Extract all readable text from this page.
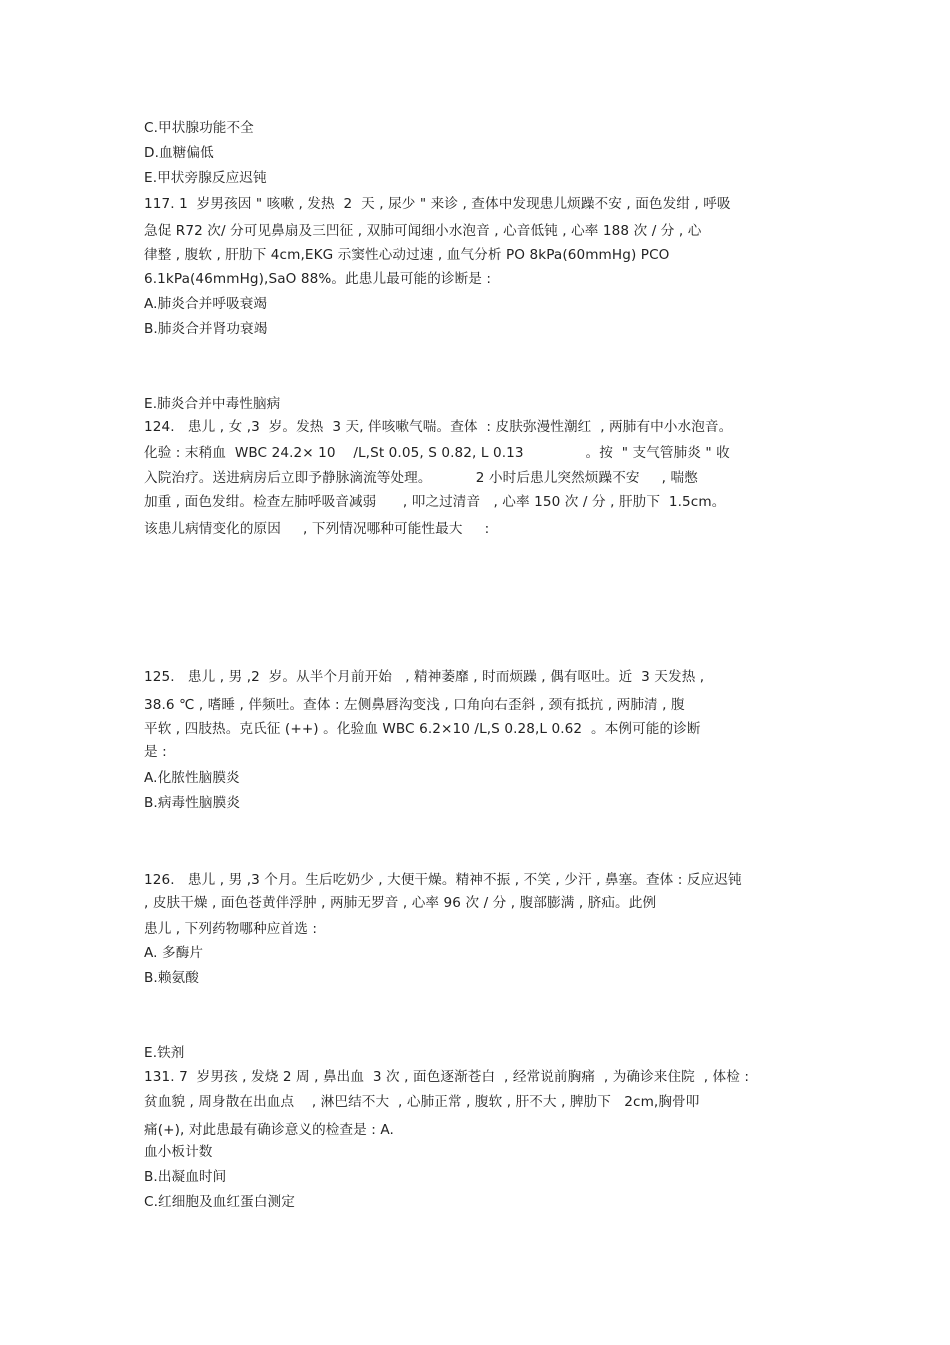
C.甲状腺功能不全
D.血糖偏低
E.甲状旁腺反应迟钝
117. 1  岁男孩因 " 咳嗽 , 发热  2  天 , 尿少 " 来诊 , 查体中发现患儿烦躁不安 , 面色发绀 , 呼吸
急促 R72 次/ 分可见鼻扇及三凹征 , 双肺可闻细小水泡音 , 心音低钝 , 心率 188 次 / 分 , 心
律整 , 腹软 , 肝肋下 4cm,EKG 示窦性心动过速 , 血气分析 PO 8kPa(60mmHg) PCO
6.1kPa(46mmHg),SaO 88%。此患儿最可能的诊断是 :
A.肺炎合并呼吸衰竭
B.肺炎合并肾功衰竭
E.肺炎合并中毒性脑病
124.   患儿 , 女 ,3  岁。发热  3 天, 伴咳嗽气喘。查体  : 皮肤弥漫性潮红  , 两肺有中小水泡音。
化验 : 末稍血  WBC 24.2× 10    /L,St 0.05, S 0.82, L 0.13              。按  " 支气管肺炎 " 收
入院治疗。送进病房后立即予静脉滴流等处理。          2 小时后患儿突然烦躁不安     , 喘憋
加重 , 面色发绀。检查左肺呼吸音减弱      , 叩之过清音   , 心率 150 次 / 分 , 肝肋下  1.5cm。
该患儿病情变化的原因     , 下列情况哪种可能性最大     :
125.   患儿 , 男 ,2  岁。从半个月前开始   , 精神萎靡 , 时而烦躁 , 偶有呕吐。近  3 天发热 ,
38.6 ℃ , 嗜睡 , 伴频吐。查体 : 左侧鼻唇沟变浅 , 口角向右歪斜 , 颈有抵抗 , 两肺清 , 腹
平软 , 四肢热。克氏征 (++) 。化验血 WBC 6.2×10 /L,S 0.28,L 0.62  。本例可能的诊断
是 :
A.化脓性脑膜炎
B.病毒性脑膜炎
126.   患儿 , 男 ,3 个月。生后吃奶少 , 大便干燥。精神不振 , 不笑 , 少汗 , 鼻塞。查体 : 反应迟钝
, 皮肤干燥 , 面色苍黄伴浮肿 , 两肺无罗音 , 心率 96 次 / 分 , 腹部膨满 , 脐疝。此例
患儿 , 下列药物哪种应首选 :
A. 多酶片
B.赖氨酸
E.铁剂
131. 7  岁男孩 , 发烧 2 周 , 鼻出血  3 次 , 面色逐渐苍白  , 经常说前胸痛  , 为确诊来住院  , 体检 :
贫血貌 , 周身散在出血点    , 淋巴结不大  , 心肺正常 , 腹软 , 肝不大 , 脾肋下   2cm,胸骨叩
痛(+), 对此患最有确诊意义的检查是 : A.
血小板计数
B.出凝血时间
C.红细胞及血红蛋白测定
